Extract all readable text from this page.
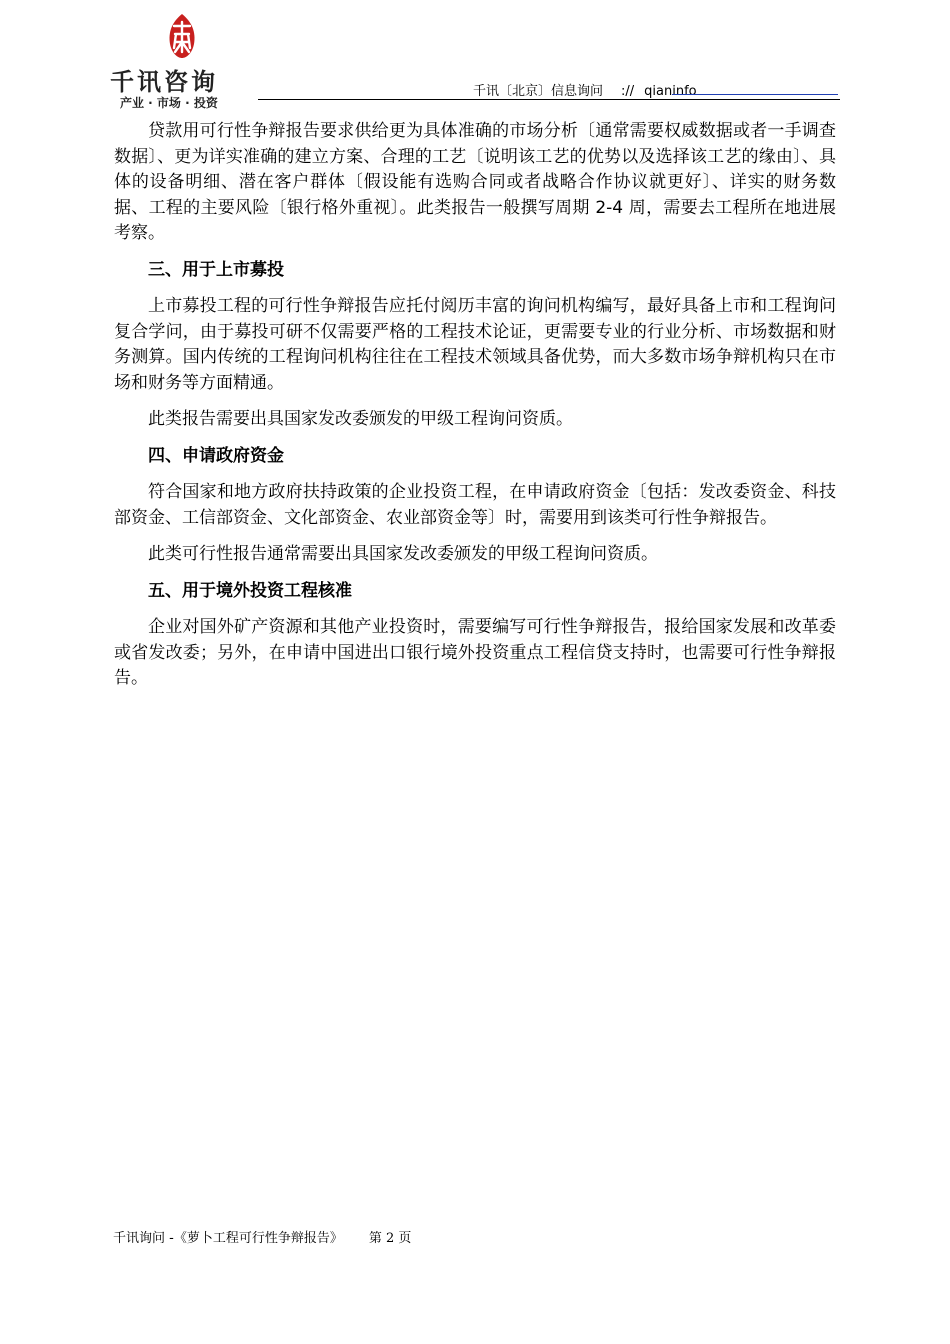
千讯咨询
产业 · 市场 · 投资
千讯〔北京〕信息询问 :// qianinfo

贷款用可行性争辩报告要求供给更为具体准确的市场分析〔通常需要权威数据或者一手调查数据〕、更为详实准确的建立方案、合理的工艺〔说明该工艺的优势以及选择该工艺的缘由〕、具体的设备明细、潜在客户群体〔假设能有选购合同或者战略合作协议就更好〕、详实的财务数据、工程的主要风险〔银行格外重视〕。此类报告一般撰写周期 2-4 周，需要去工程所在地进展考察。

三、用于上市募投

上市募投工程的可行性争辩报告应托付阅历丰富的询问机构编写，最好具备上市和工程询问复合学问，由于募投可研不仅需要严格的工程技术论证，更需要专业的行业分析、市场数据和财务测算。国内传统的工程询问机构往往在工程技术领域具备优势，而大多数市场争辩机构只在市场和财务等方面精通。

此类报告需要出具国家发改委颁发的甲级工程询问资质。

四、申请政府资金

符合国家和地方政府扶持政策的企业投资工程，在申请政府资金〔包括：发改委资金、科技部资金、工信部资金、文化部资金、农业部资金等〕时，需要用到该类可行性争辩报告。

此类可行性报告通常需要出具国家发改委颁发的甲级工程询问资质。

五、用于境外投资工程核准

企业对国外矿产资源和其他产业投资时，需要编写可行性争辩报告，报给国家发展和改革委或省发改委；另外，在申请中国进出口银行境外投资重点工程信贷支持时，也需要可行性争辩报告。

千讯询问 -《萝卜工程可行性争辩报告》 第 2 页
